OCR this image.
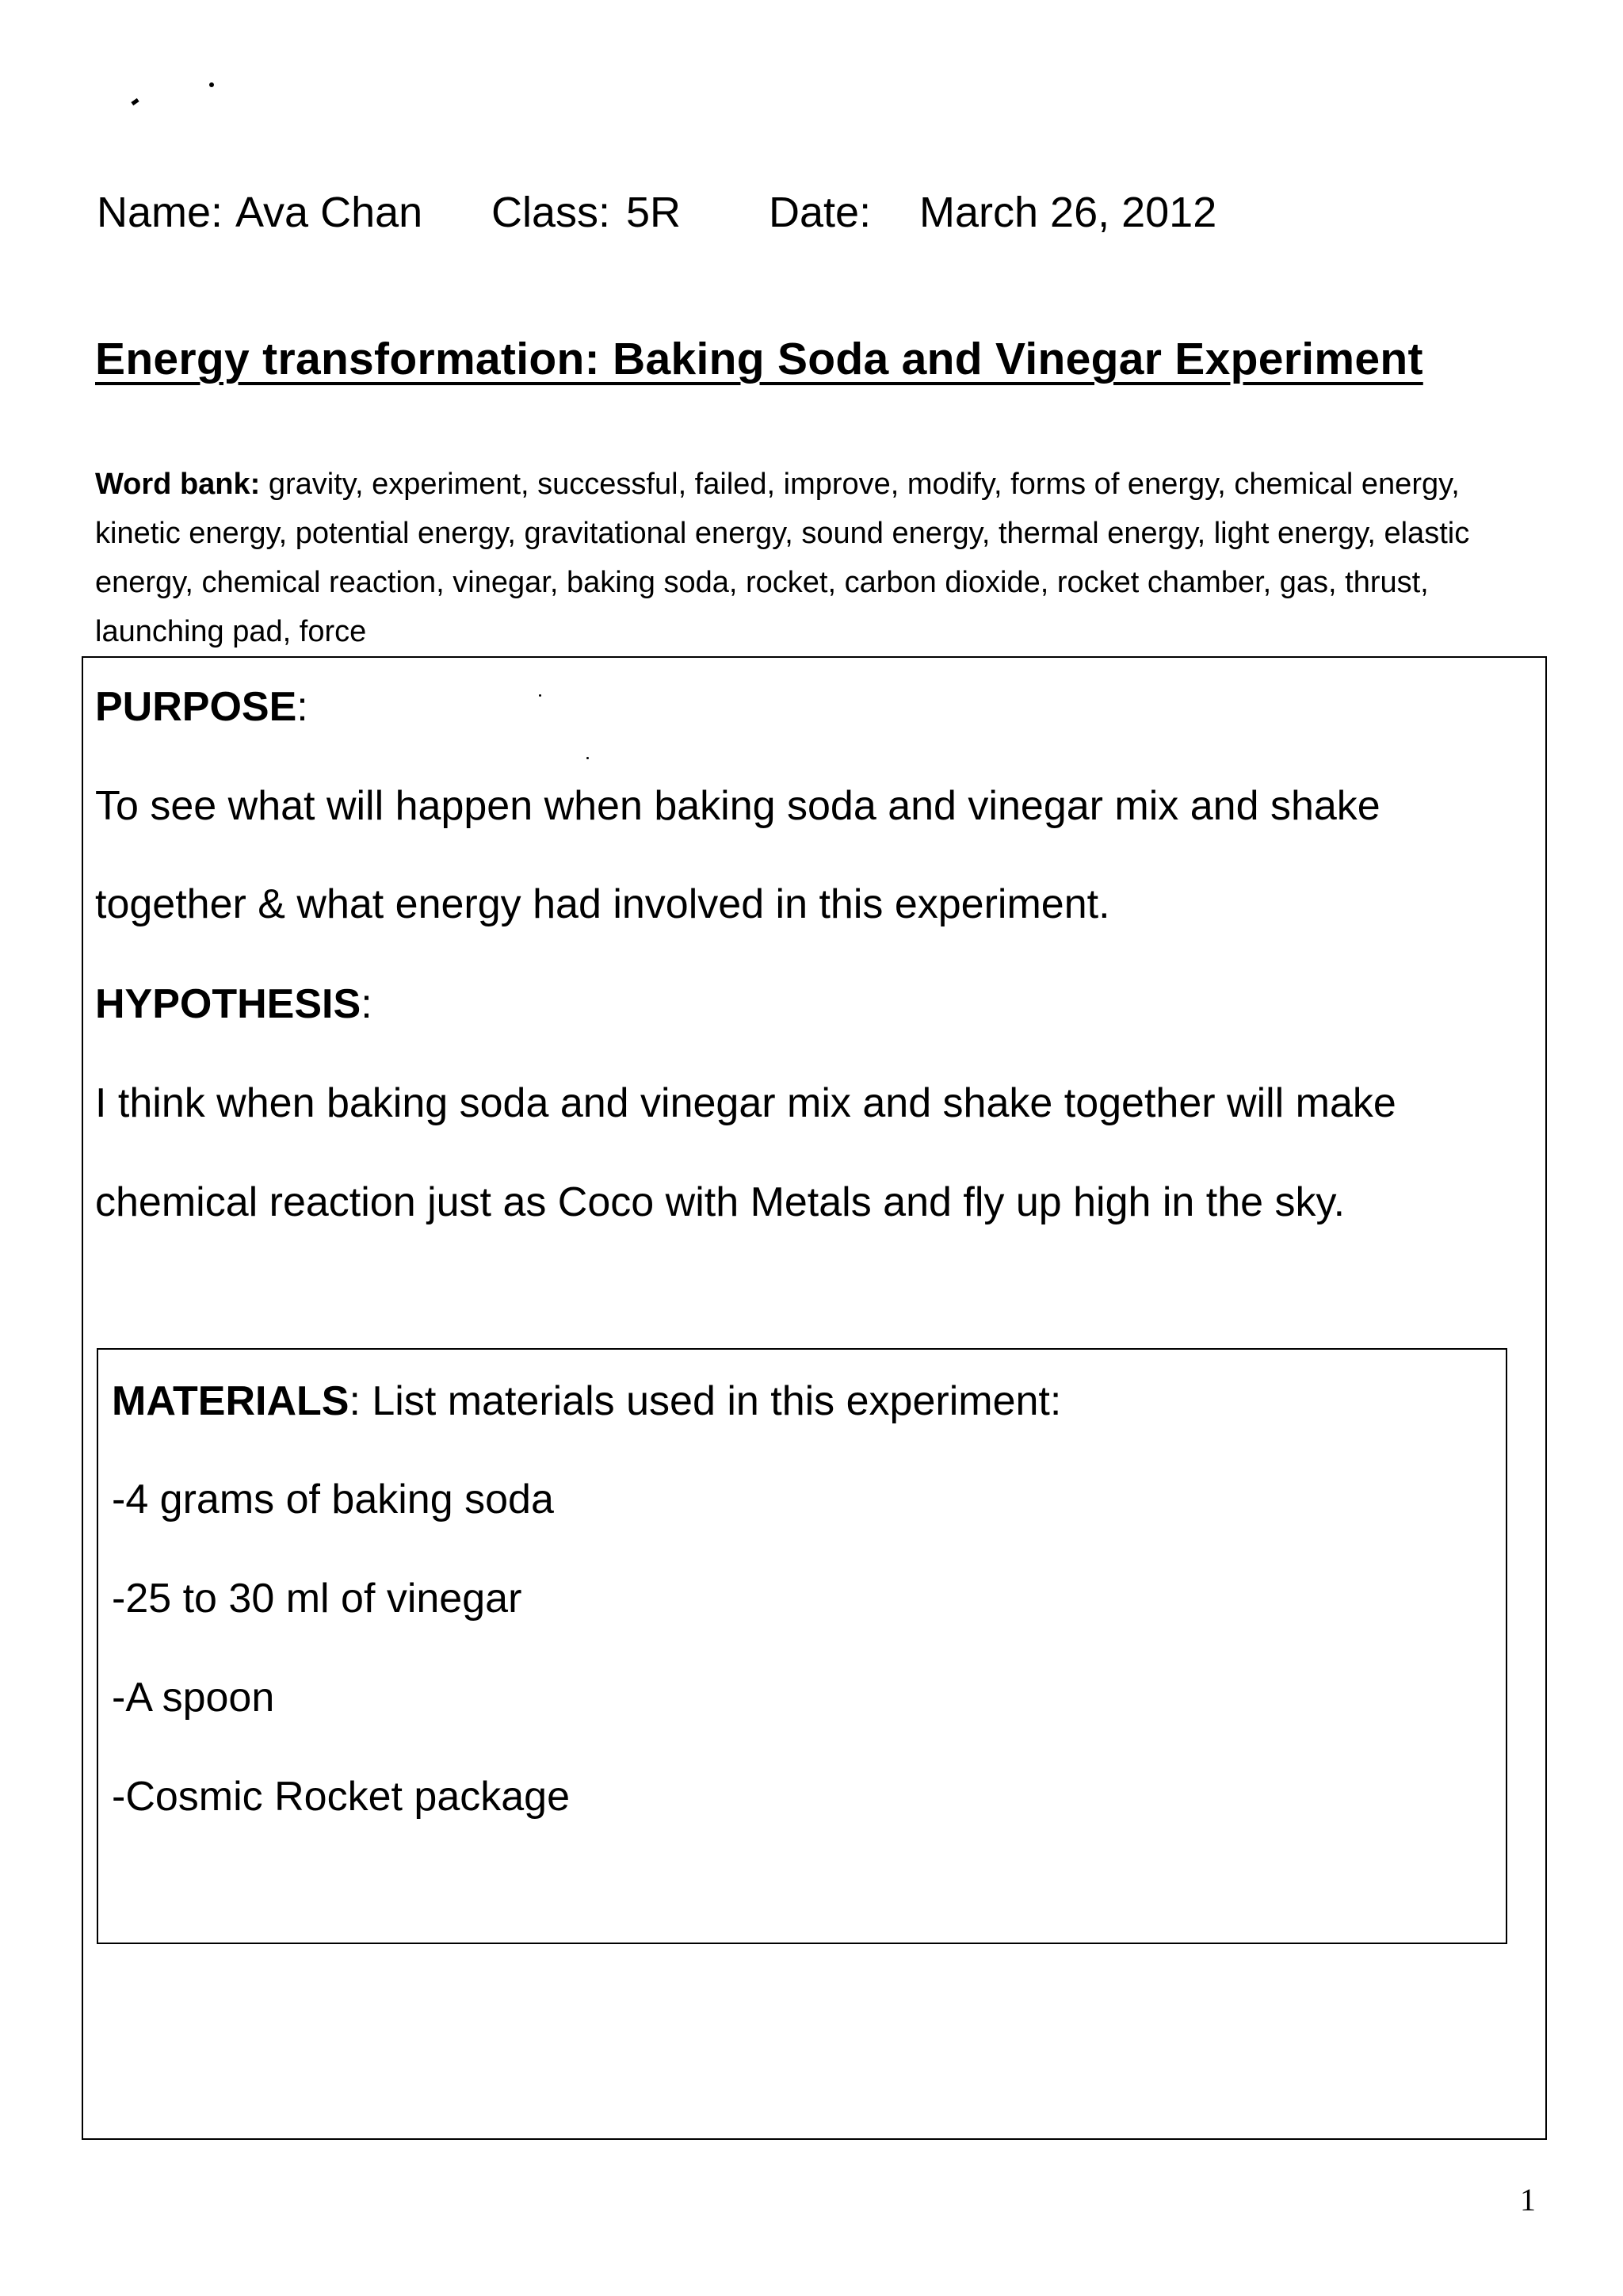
Name: Ava Chan Class: 5R Date: March 26, 2012
Energy transformation: Baking Soda and Vinegar Experiment
Word bank: gravity, experiment, successful, failed, improve, modify, forms of energy, chemical energy, kinetic energy, potential energy, gravitational energy, sound energy, thermal energy, light energy, elastic energy, chemical reaction, vinegar, baking soda, rocket, carbon dioxide, rocket chamber, gas, thrust, launching pad, force
PURPOSE:
To see what will happen when baking soda and vinegar mix and shake
together & what energy had involved in this experiment.
HYPOTHESIS:
I think when baking soda and vinegar mix and shake together will make
chemical reaction just as Coco with Metals and fly up high in the sky.
MATERIALS: List materials used in this experiment:
-4 grams of baking soda
-25 to 30 ml of vinegar
-A spoon
-Cosmic Rocket package
1
